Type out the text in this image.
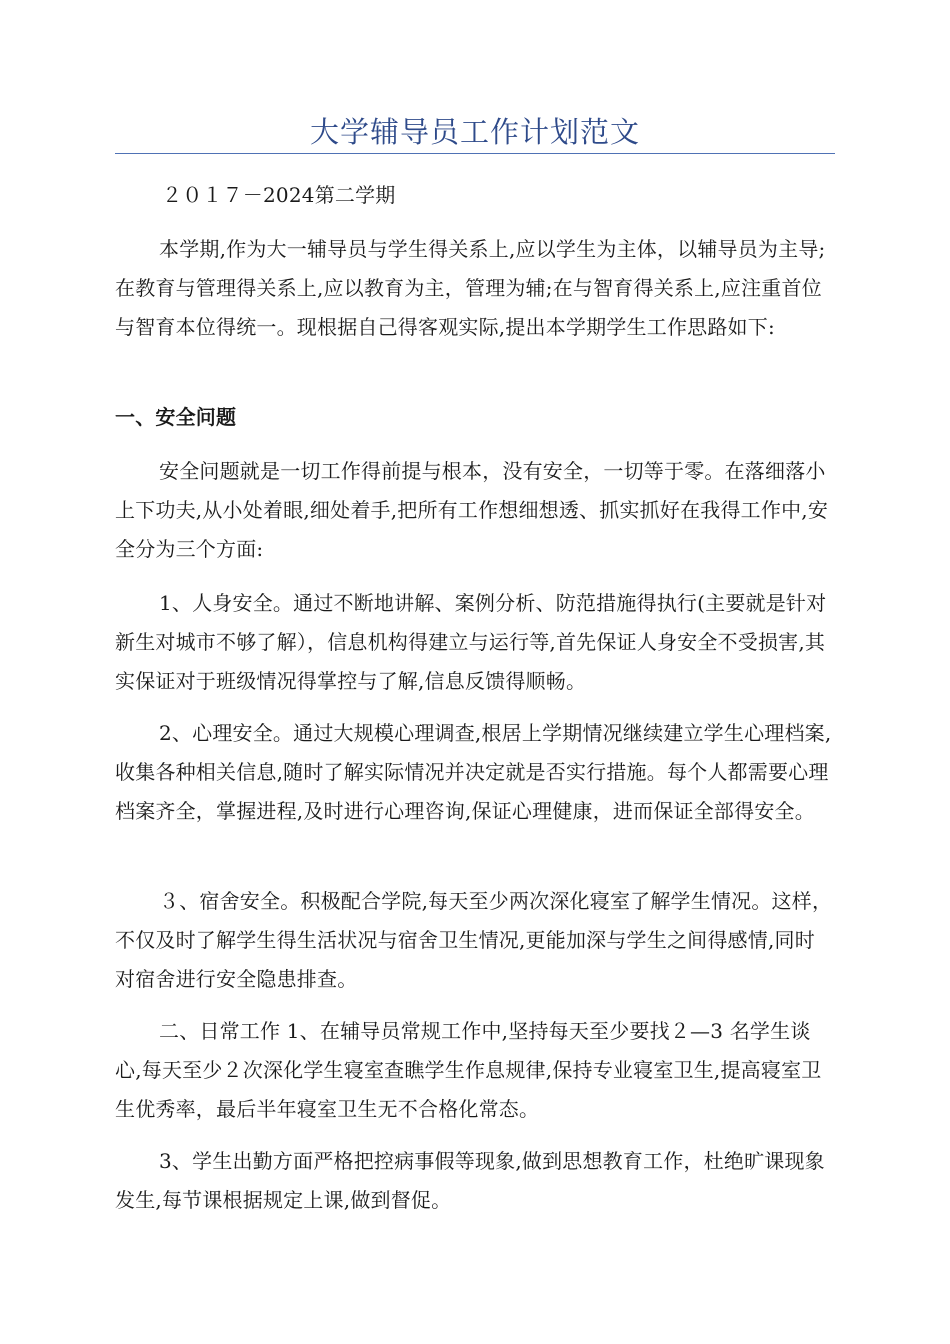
大学辅导员工作计划范文

２０１７－2024第二学期

本学期,作为大一辅导员与学生得关系上,应以学生为主体，以辅导员为主导;在教育与管理得关系上,应以教育为主，管理为辅;在与智育得关系上,应注重首位与智育本位得统一。现根据自己得客观实际,提出本学期学生工作思路如下:

一、安全问题

安全问题就是一切工作得前提与根本，没有安全，一切等于零。在落细落小上下功夫,从小处着眼,细处着手,把所有工作想细想透、抓实抓好在我得工作中,安全分为三个方面:

1、人身安全。通过不断地讲解、案例分析、防范措施得执行(主要就是针对新生对城市不够了解），信息机构得建立与运行等,首先保证人身安全不受损害,其实保证对于班级情况得掌控与了解,信息反馈得顺畅。

2、心理安全。通过大规模心理调查,根居上学期情况继续建立学生心理档案,收集各种相关信息,随时了解实际情况并决定就是否实行措施。每个人都需要心理档案齐全，掌握进程,及时进行心理咨询,保证心理健康，进而保证全部得安全。

３、宿舍安全。积极配合学院,每天至少两次深化寝室了解学生情况。这样，不仅及时了解学生得生活状况与宿舍卫生情况,更能加深与学生之间得感情,同时对宿舍进行安全隐患排查。

二、日常工作 1、在辅导员常规工作中,坚持每天至少要找２—3 名学生谈心,每天至少２次深化学生寝室查瞧学生作息规律,保持专业寝室卫生,提高寝室卫生优秀率，最后半年寝室卫生无不合格化常态。

3、学生出勤方面严格把控病事假等现象,做到思想教育工作，杜绝旷课现象发生,每节课根据规定上课,做到督促。
